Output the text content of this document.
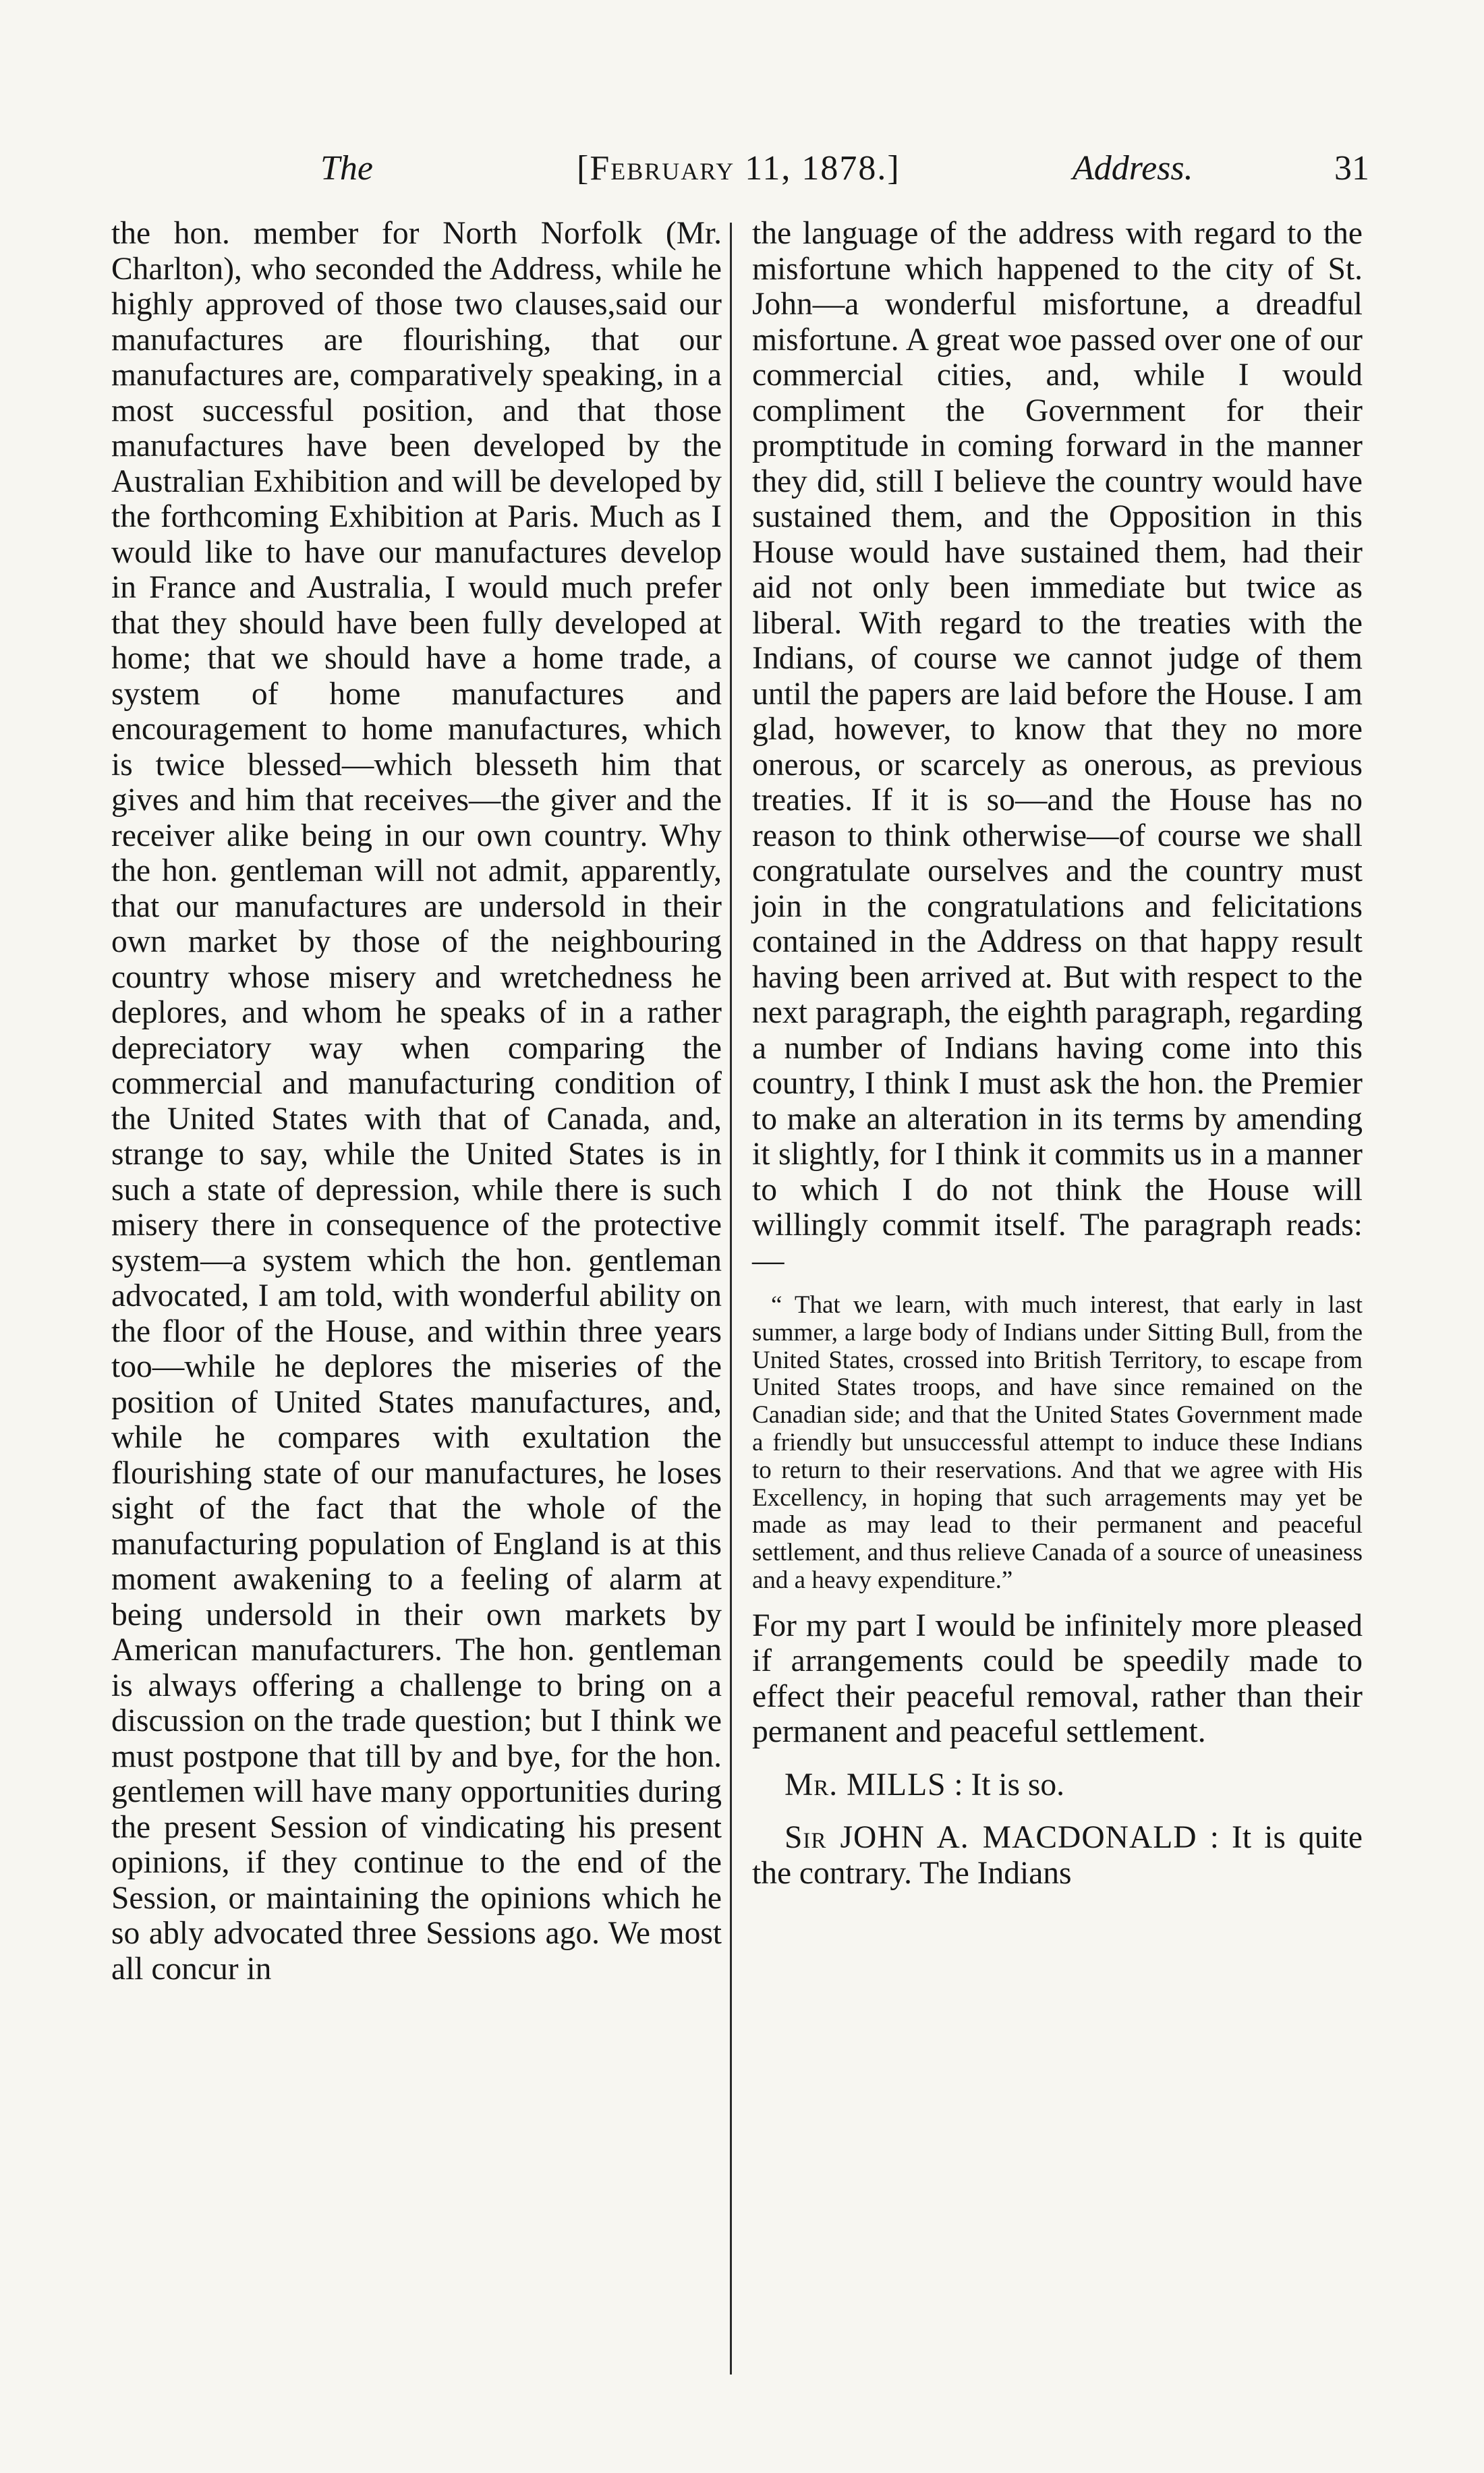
The	[February 11, 1878.]	Address.	31

the hon. member for North Norfolk (Mr. Charlton), who seconded the Address, while he highly approved of those two clauses,said our manufactures are flourishing, that our manufactures are, comparatively speaking, in a most successful position, and that those manufactures have been developed by the Australian Exhibition and will be developed by the forthcoming Exhibition at Paris. Much as I would like to have our manufactures develop in France and Australia, I would much prefer that they should have been fully developed at home; that we should have a home trade, a system of home manufactures and encouragement to home manufactures, which is twice blessed—which blesseth him that gives and him that receives—the giver and the receiver alike being in our own country. Why the hon. gentleman will not admit, apparently, that our manufactures are undersold in their own market by those of the neighbouring country whose misery and wretchedness he deplores, and whom he speaks of in a rather depreciatory way when comparing the commercial and manufacturing condition of the United States with that of Canada, and, strange to say, while the United States is in such a state of depression, while there is such misery there in consequence of the protective system—a system which the hon. gentleman advocated, I am told, with wonderful ability on the floor of the House, and within three years too—while he deplores the miseries of the position of United States manufactures, and, while he compares with exultation the flourishing state of our manufactures, he loses sight of the fact that the whole of the manufacturing population of England is at this moment awakening to a feeling of alarm at being undersold in their own markets by American manufacturers. The hon. gentleman is always offering a challenge to bring on a discussion on the trade question; but I think we must postpone that till by and bye, for the hon. gentlemen will have many opportunities during the present Session of vindicating his present opinions, if they continue to the end of the Session, or maintaining the opinions which he so ably advocated three Sessions ago. We most all concur in

the language of the address with regard to the misfortune which happened to the city of St. John—a wonderful misfortune, a dreadful misfortune. A great woe passed over one of our commercial cities, and, while I would compliment the Government for their promptitude in coming forward in the manner they did, still I believe the country would have sustained them, and the Opposition in this House would have sustained them, had their aid not only been immediate but twice as liberal. With regard to the treaties with the Indians, of course we cannot judge of them until the papers are laid before the House. I am glad, however, to know that they no more onerous, or scarcely as onerous, as previous treaties. If it is so—and the House has no reason to think otherwise—of course we shall congratulate ourselves and the country must join in the congratulations and felicitations contained in the Address on that happy result having been arrived at. But with respect to the next paragraph, the eighth paragraph, regarding a number of Indians having come into this country, I think I must ask the hon. the Premier to make an alteration in its terms by amending it slightly, for I think it commits us in a manner to which I do not think the House will willingly commit itself. The paragraph reads:—

“ That we learn, with much interest, that early in last summer, a large body of Indians under Sitting Bull, from the United States, crossed into British Territory, to escape from United States troops, and have since remained on the Canadian side; and that the United States Government made a friendly but unsuccessful attempt to induce these Indians to return to their reservations. And that we agree with His Excellency, in hoping that such arragements may yet be made as may lead to their permanent and peaceful settlement, and thus relieve Canada of a source of uneasiness and a heavy expenditure.”

For my part I would be infinitely more pleased if arrangements could be speedily made to effect their peaceful removal, rather than their permanent and peaceful settlement.

Mr. MILLS : It is so.

Sir JOHN A. MACDONALD : It is quite the contrary. The Indians
